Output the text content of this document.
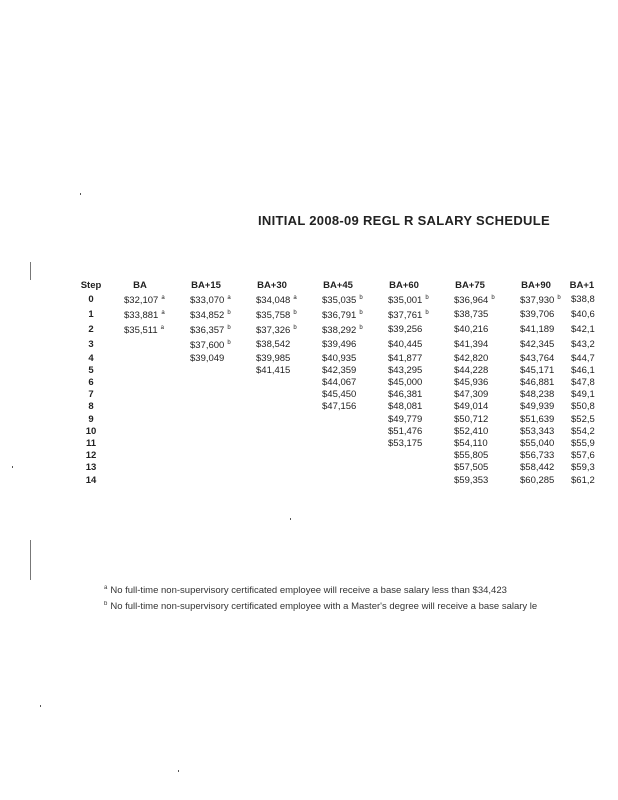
INITIAL 2008-09 REGL R SALARY SCHEDULE
Step	BA	BA+15	BA+30	BA+45	BA+60	BA+75	BA+90	BA+1
0	$32,107 $^a$	$33,070 $^a$	$34,048 $^a$	$35,035 $^b$	$35,001 $^b$	$36,964 $^b$	$37,930 $^b$	$38,8
1	$33,881 $^a$	$34,852 $^b$	$35,758 $^b$	$36,791 $^b$	$37,761 $^b$	$38,735	$39,706	$40,6
2	$35,511 $^a$	$36,357 $^b$	$37,326 $^b$	$38,292 $^b$	$39,256	$40,216	$41,189	$42,1
3		$37,600 $^b$	$38,542	$39,496	$40,445	$41,394	$42,345	$43,2
4		$39,049	$39,985	$40,935	$41,877	$42,820	$43,764	$44,7
5			$41,415	$42,359	$43,295	$44,228	$45,171	$46,1
6				$44,067	$45,000	$45,936	$46,881	$47,8
7				$45,450	$46,381	$47,309	$48,238	$49,1
8				$47,156	$48,081	$49,014	$49,939	$50,8
9					$49,779	$50,712	$51,639	$52,5
10					$51,476	$52,410	$53,343	$54,2
11					$53,175	$54,110	$55,040	$55,9
12						$55,805	$56,733	$57,6
13						$57,505	$58,442	$59,3
14						$59,353	$60,285	$61,2
$^a$ No full-time non-supervisory certificated employee will receive a base salary less than $34,423
$^b$ No full-time non-supervisory certificated employee with a Master's degree will receive a base salary le
